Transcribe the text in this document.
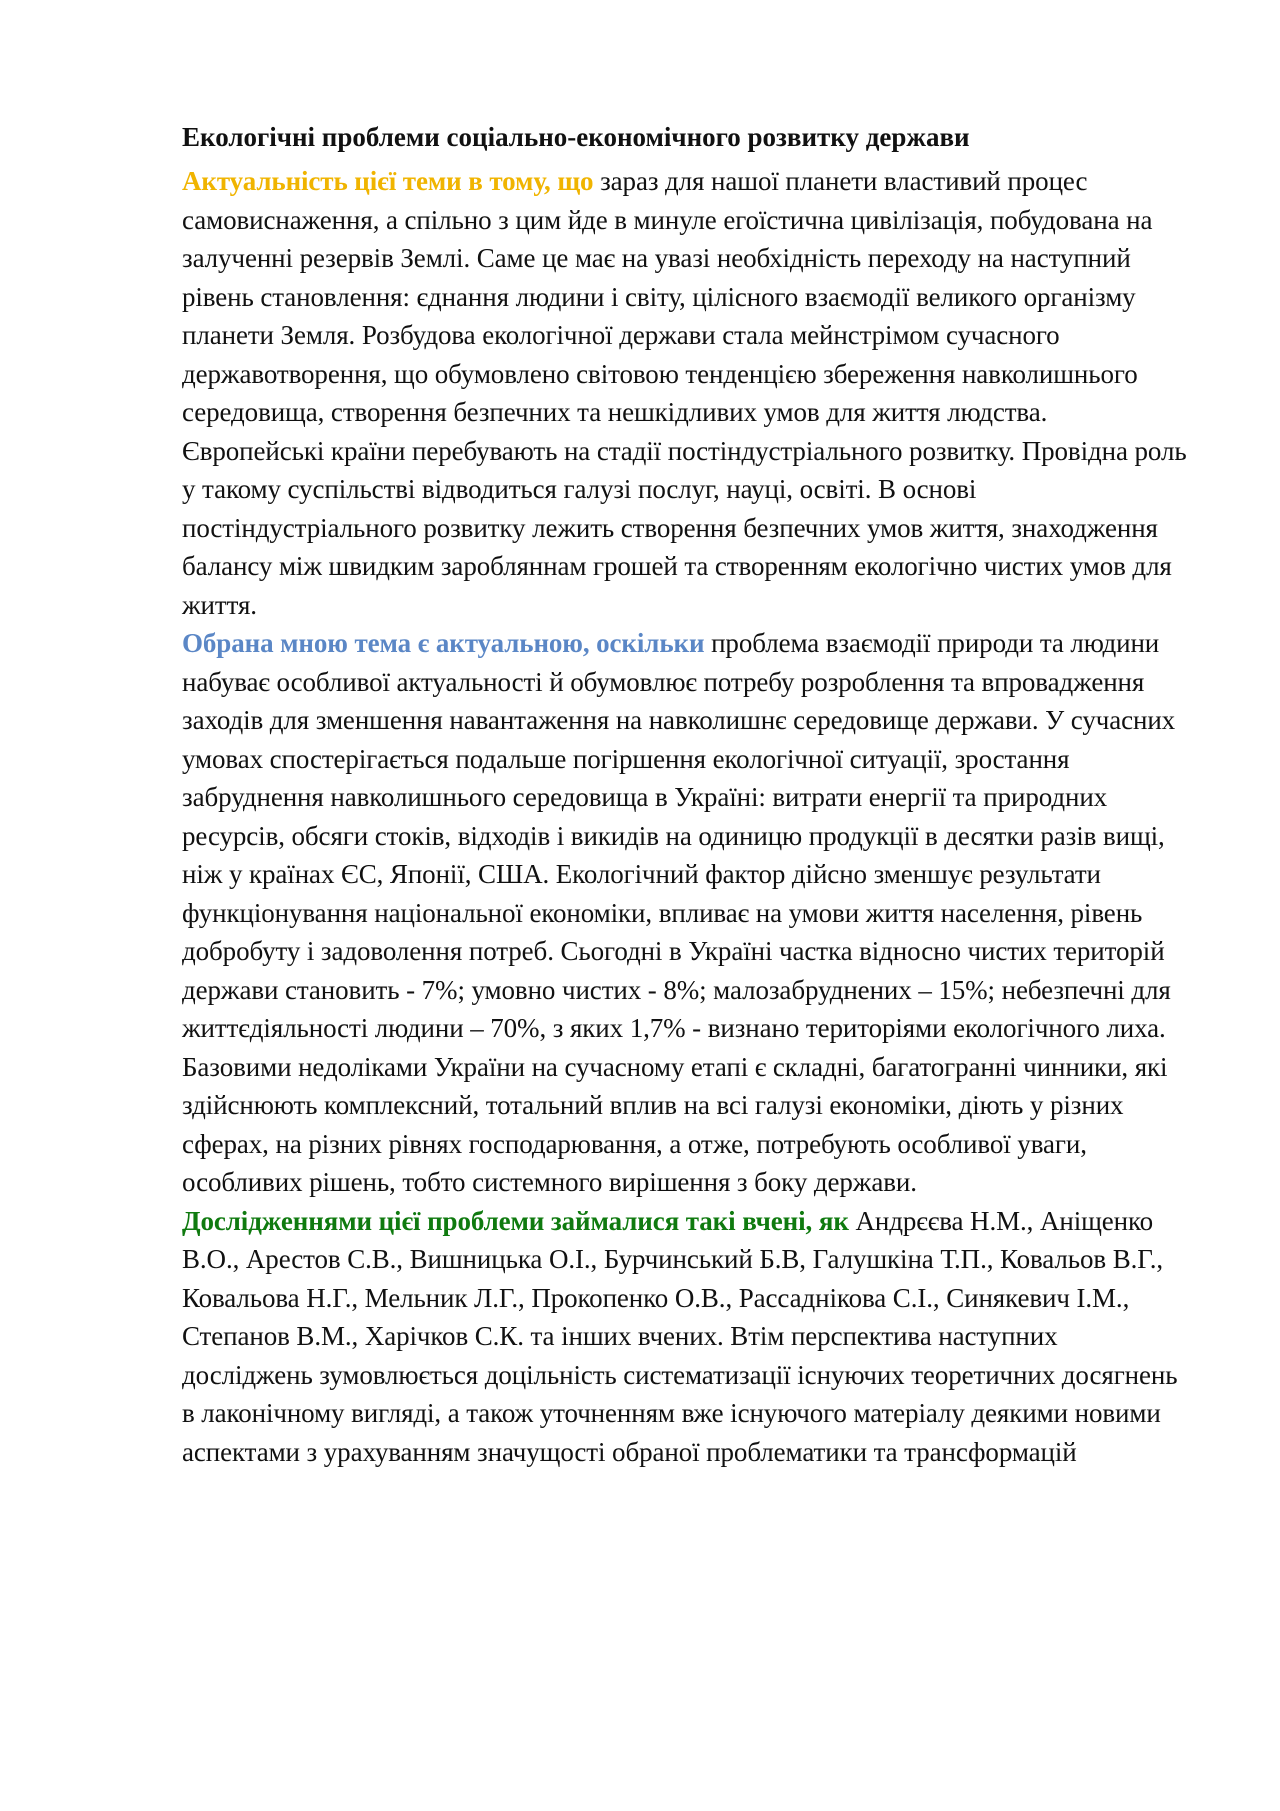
Екологічні проблеми соціально-економічного розвитку держави

Актуальність цієї теми в тому, що зараз для нашої планети властивий процес самовиснаження, а спільно з цим йде в минуле егоїстична цивілізація, побудована на залученні резервів Землі. Саме це має на увазі необхідність переходу на наступний рівень становлення: єднання людини і світу, цілісного взаємодії великого організму планети Земля. Розбудова екологічної держави стала мейнстрімом сучасного державотворення, що обумовлено світовою тенденцією збереження навколишнього середовища, створення безпечних та нешкідливих умов для життя людства. Європейські країни перебувають на стадії постіндустріального розвитку. Провідна роль у такому суспільстві відводиться галузі послуг, науці, освіті. В основі постіндустріального розвитку лежить створення безпечних умов життя, знаходження балансу між швидким заробляннам грошей та створенням екологічно чистих умов для життя.

Обрана мною тема є актуальною, оскільки проблема взаємодії природи та людини набуває особливої актуальності й обумовлює потребу розроблення та впровадження заходів для зменшення навантаження на навколишнє середовище держави. У сучасних умовах спостерігається подальше погіршення екологічної ситуації, зростання забруднення навколишнього середовища в Україні: витрати енергії та природних ресурсів, обсяги стоків, відходів і викидів на одиницю продукції в десятки разів вищі, ніж у країнах ЄС, Японії, США. Екологічний фактор дійсно зменшує результати функціонування національної економіки, впливає на умови життя населення, рівень добробуту і задоволення потреб. Сьогодні в Україні частка відносно чистих територій держави становить - 7%; умовно чистих - 8%; малозабруднених – 15%; небезпечні для життєдіяльності людини – 70%, з яких 1,7% - визнано територіями екологічного лиха. Базовими недоліками України на сучасному етапі є складні, багатогранні чинники, які здійснюють комплексний, тотальний вплив на всі галузі економіки, діють у різних сферах, на різних рівнях господарювання, а отже, потребують особливої уваги, особливих рішень, тобто системного вирішення з боку держави.

Дослідженнями цієї проблеми займалися такі вчені, як Андрєєва Н.М., Аніщенко В.О., Арестов С.В., Вишницька О.І., Бурчинський Б.В, Галушкіна Т.П., Ковальов В.Г., Ковальова Н.Г., Мельник Л.Г., Прокопенко О.В., Рассаднікова С.І., Синякевич І.М., Степанов В.М., Харічков С.К. та інших вчених. Втім перспектива наступних досліджень зумовлюється доцільність систематизації існуючих теоретичних досягнень в лаконічному вигляді, а також уточненням вже існуючого матеріалу деякими новими аспектами з урахуванням значущості обраної проблематики та трансформацій
